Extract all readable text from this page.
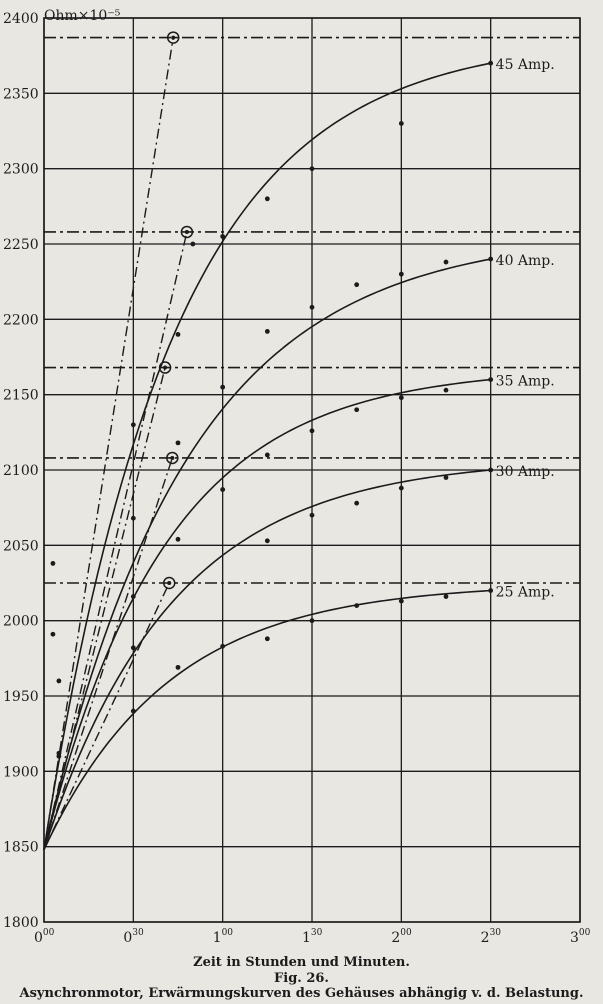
1800
1850
1900
1950
2000
2050
2100
2150
2200
2250
2300
2350
2400
$0^{00}$	$0^{30}$	$1^{00}$	$1^{30}$	$2^{00}$	$2^{30}$	$3^{00}$
45 Amp.
40 Amp.
35 Amp.
30 Amp.
25 Amp.
Ohm×10⁻⁵
Zeit in Stunden und Minuten.
Fig. 26.
Asynchronmotor, Erwärmungskurven des Gehäuses abhängig v. d. Belastung.
